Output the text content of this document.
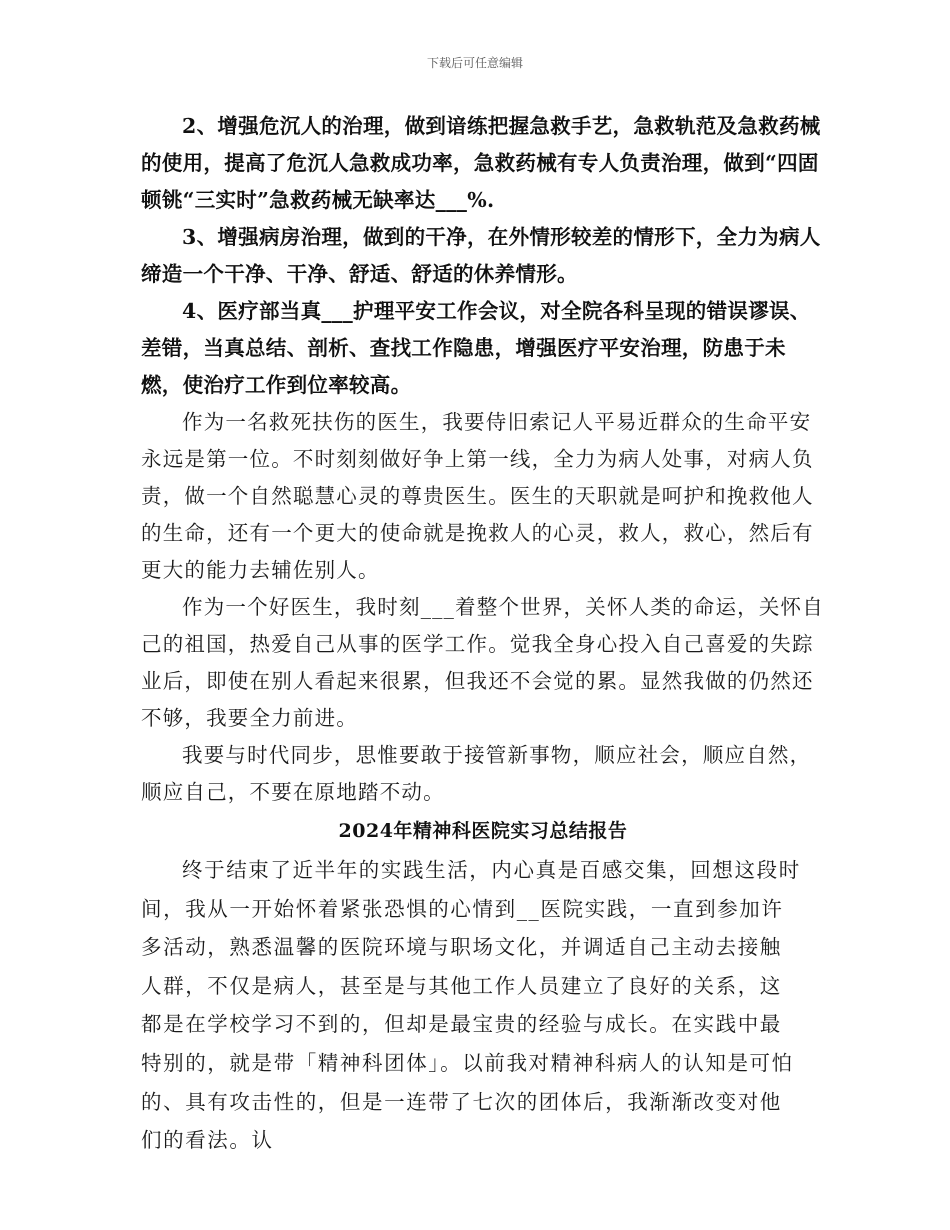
下载后可任意编辑

2、增强危沉人的治理，做到谙练把握急救手艺，急救轨范及急救药械的使用，提高了危沉人急救成功率，急救药械有专人负责治理，做到“四固顿铫“三实时”急救药械无缺率达___%.

3、增强病房治理，做到的干净，在外情形较差的情形下，全力为病人缔造一个干净、干净、舒适、舒适的休养情形。

4、医疗部当真___护理平安工作会议，对全院各科呈现的错误谬误、差错，当真总结、剖析、查找工作隐患，增强医疗平安治理，防患于未燃，使治疗工作到位率较高。

作为一名救死扶伤的医生，我要侍旧索记人平易近群众的生命平安永远是第一位。不时刻刻做好争上第一线，全力为病人处事，对病人负责，做一个自然聪慧心灵的尊贵医生。医生的天职就是呵护和挽救他人的生命，还有一个更大的使命就是挽救人的心灵，救人，救心，然后有更大的能力去辅佐别人。

作为一个好医生，我时刻___着整个世界，关怀人类的命运，关怀自己的祖国，热爱自己从事的医学工作。觉我全身心投入自己喜爱的失踪业后，即使在别人看起来很累，但我还不会觉的累。显然我做的仍然还不够，我要全力前进。

我要与时代同步，思惟要敢于接管新事物，顺应社会，顺应自然，顺应自己，不要在原地踏不动。

2024年精神科医院实习总结报告

终于结束了近半年的实践生活，内心真是百感交集，回想这段时间，我从一开始怀着紧张恐惧的心情到__医院实践，一直到参加许多活动，熟悉温馨的医院环境与职场文化，并调适自己主动去接触人群，不仅是病人，甚至是与其他工作人员建立了良好的关系，这都是在学校学习不到的，但却是最宝贵的经验与成长。在实践中最特别的，就是带「精神科团体」。以前我对精神科病人的认知是可怕的、具有攻击性的，但是一连带了七次的团体后，我渐渐改变对他们的看法。认
